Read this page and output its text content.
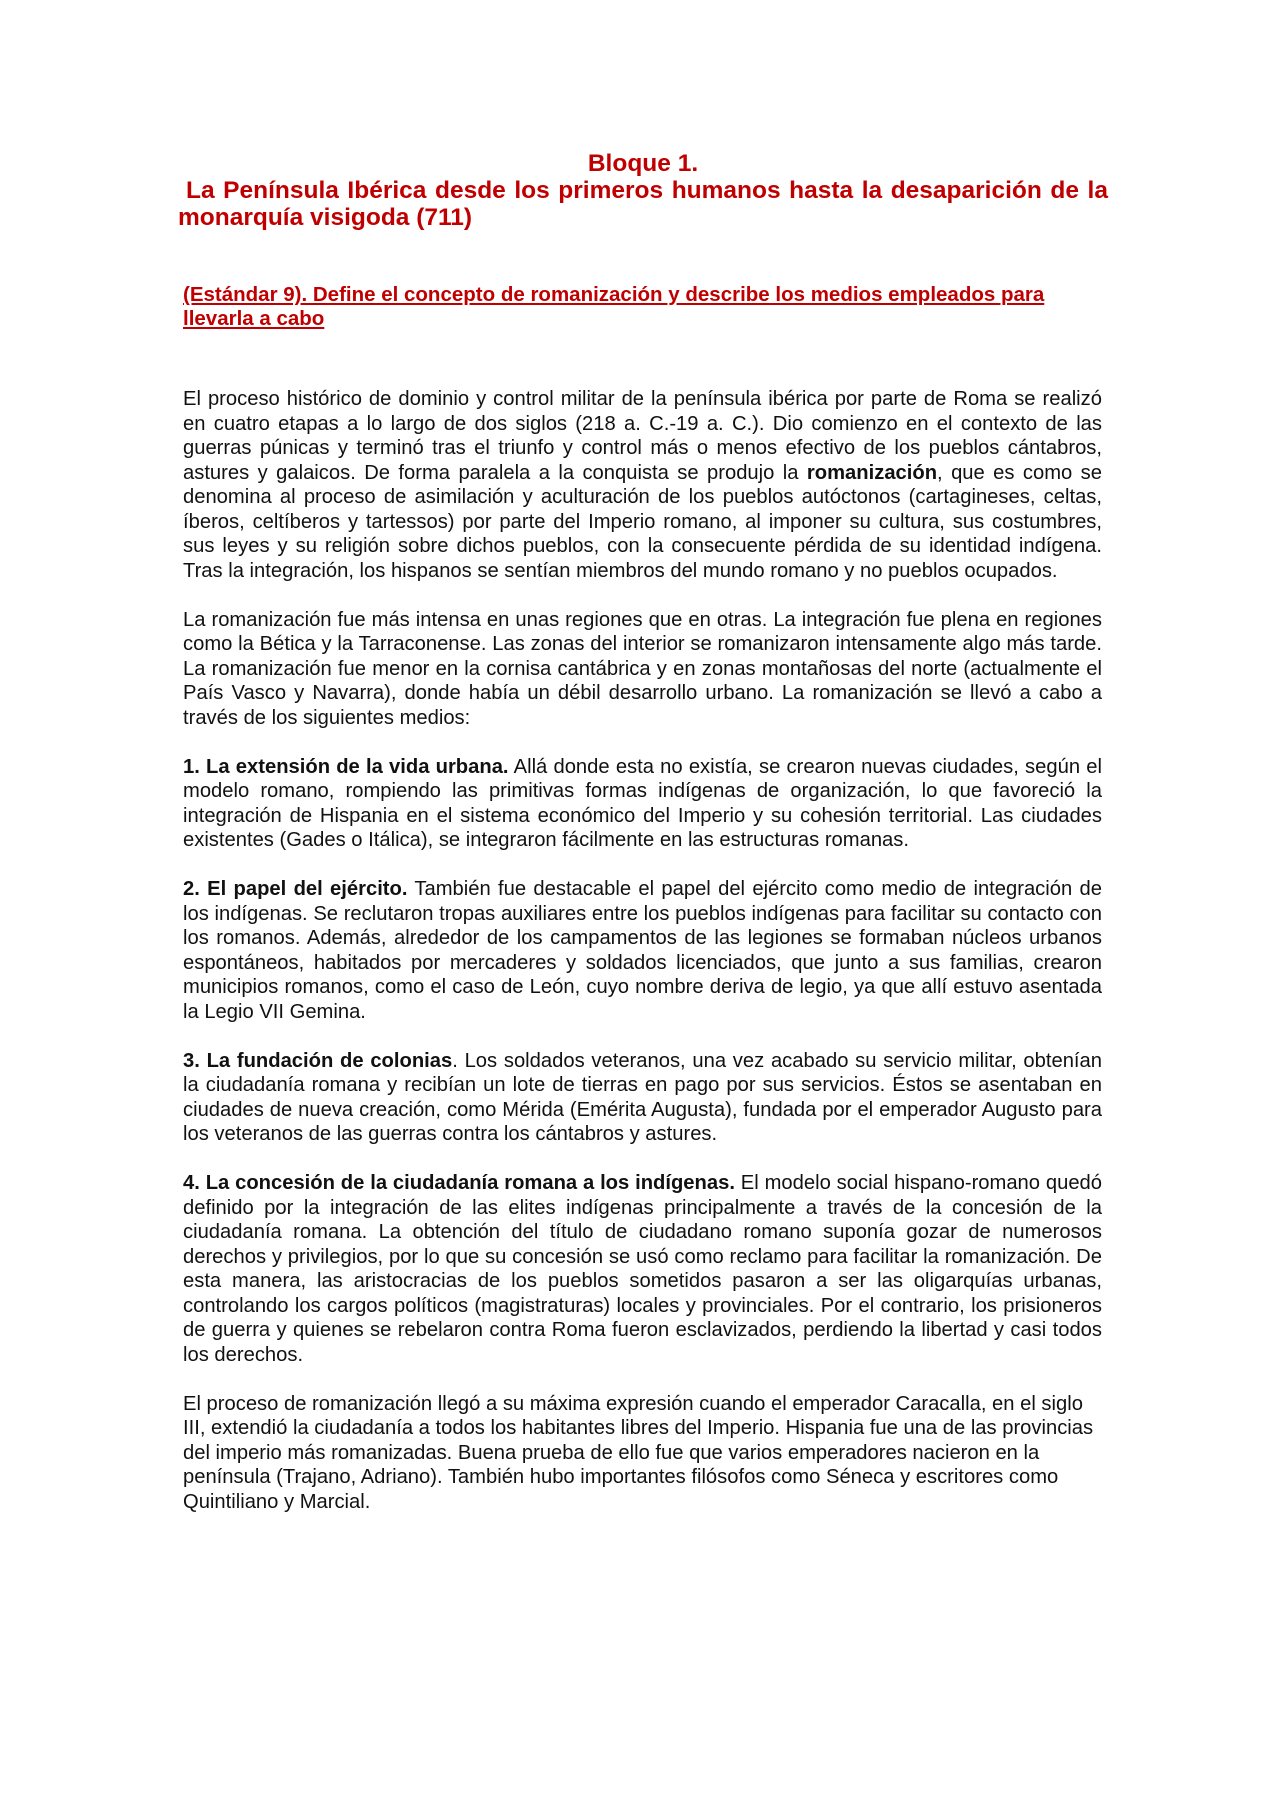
Bloque 1.
La Península Ibérica desde los primeros humanos hasta la desaparición de la monarquía visigoda (711)
(Estándar 9). Define el concepto de romanización y describe los medios empleados para llevarla a cabo

El proceso histórico de dominio y control militar de la península ibérica por parte de Roma se realizó en cuatro etapas a lo largo de dos siglos (218 a. C.-19 a. C.). Dio comienzo en el contexto de las guerras púnicas y terminó tras el triunfo y control más o menos efectivo de los pueblos cántabros, astures y galaicos. De forma paralela a la conquista se produjo la romanización, que es como se denomina al proceso de asimilación y aculturación de los pueblos autóctonos (cartagineses, celtas, íberos, celtíberos y tartessos) por parte del Imperio romano, al imponer su cultura, sus costumbres, sus leyes y su religión sobre dichos pueblos, con la consecuente pérdida de su identidad indígena. Tras la integración, los hispanos se sentían miembros del mundo romano y no pueblos ocupados.

La romanización fue más intensa en unas regiones que en otras. La integración fue plena en regiones como la Bética y la Tarraconense. Las zonas del interior se romanizaron intensamente algo más tarde. La romanización fue menor en la cornisa cantábrica y en zonas montañosas del norte (actualmente el País Vasco y Navarra), donde había un débil desarrollo urbano. La romanización se llevó a cabo a través de los siguientes medios:

1. La extensión de la vida urbana. Allá donde esta no existía, se crearon nuevas ciudades, según el modelo romano, rompiendo las primitivas formas indígenas de organización, lo que favoreció la integración de Hispania en el sistema económico del Imperio y su cohesión territorial. Las ciudades existentes (Gades o Itálica), se integraron fácilmente en las estructuras romanas.

2. El papel del ejército. También fue destacable el papel del ejército como medio de integración de los indígenas. Se reclutaron tropas auxiliares entre los pueblos indígenas para facilitar su contacto con los romanos. Además, alrededor de los campamentos de las legiones se formaban núcleos urbanos espontáneos, habitados por mercaderes y soldados licenciados, que junto a sus familias, crearon municipios romanos, como el caso de León, cuyo nombre deriva de legio, ya que allí estuvo asentada la Legio VII Gemina.

3. La fundación de colonias. Los soldados veteranos, una vez acabado su servicio militar, obtenían la ciudadanía romana y recibían un lote de tierras en pago por sus servicios. Éstos se asentaban en ciudades de nueva creación, como Mérida (Emérita Augusta), fundada por el emperador Augusto para los veteranos de las guerras contra los cántabros y astures.

4. La concesión de la ciudadanía romana a los indígenas. El modelo social hispano-romano quedó definido por la integración de las elites indígenas principalmente a través de la concesión de la ciudadanía romana. La obtención del título de ciudadano romano suponía gozar de numerosos derechos y privilegios, por lo que su concesión se usó como reclamo para facilitar la romanización. De esta manera, las aristocracias de los pueblos sometidos pasaron a ser las oligarquías urbanas, controlando los cargos políticos (magistraturas) locales y provinciales. Por el contrario, los prisioneros de guerra y quienes se rebelaron contra Roma fueron esclavizados, perdiendo la libertad y casi todos los derechos.

El proceso de romanización llegó a su máxima expresión cuando el emperador Caracalla, en el siglo III, extendió la ciudadanía a todos los habitantes libres del Imperio. Hispania fue una de las provincias del imperio más romanizadas. Buena prueba de ello fue que varios emperadores nacieron en la península (Trajano, Adriano). También hubo importantes filósofos como Séneca y escritores como Quintiliano y Marcial.
